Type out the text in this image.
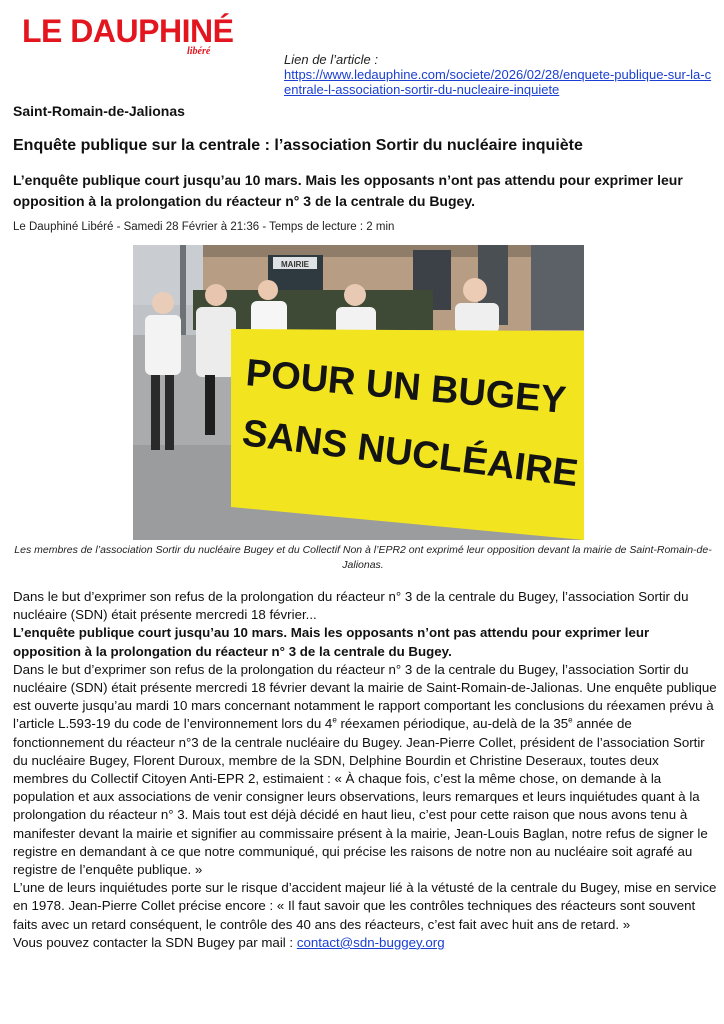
LE DAUPHINÉ
libéré
Lien de l’article :
https://www.ledauphine.com/societe/2026/02/28/enquete-publique-sur-la-centrale-l-association-sortir-du-nucleaire-inquiete
Saint-Romain-de-Jalionas
Enquête publique sur la centrale : l’association Sortir du nucléaire inquiète
L’enquête publique court jusqu’au 10 mars. Mais les opposants n’ont pas attendu pour exprimer leur opposition à la prolongation du réacteur n° 3 de la centrale du Bugey.
Le Dauphiné Libéré - Samedi 28 Février à 21:36 - Temps de lecture : 2 min
MAIRIE
POUR UN BUGEY
SANS NUCLÉAIRE
Les membres de l’association Sortir du nucléaire Bugey et du Collectif Non à l’EPR2 ont exprimé leur opposition devant la mairie de Saint-Romain-de-Jalionas.

Dans le but d’exprimer son refus de la prolongation du réacteur n° 3 de la centrale du Bugey, l’association Sortir du nucléaire (SDN) était présente mercredi 18 février...

L’enquête publique court jusqu’au 10 mars. Mais les opposants n’ont pas attendu pour exprimer leur opposition à la prolongation du réacteur n° 3 de la centrale du Bugey.

Dans le but d’exprimer son refus de la prolongation du réacteur n° 3 de la centrale du Bugey, l’association Sortir du nucléaire (SDN) était présente mercredi 18 février devant la mairie de Saint-Romain-de-Jalionas. Une enquête publique est ouverte jusqu’au mardi 10 mars concernant notamment le rapport comportant les conclusions du réexamen prévu à l’article L.593-19 du code de l’environnement lors du 4e réexamen périodique, au-delà de la 35e année de fonctionnement du réacteur n°3 de la centrale nucléaire du Bugey. Jean-Pierre Collet, président de l’association Sortir du nucléaire Bugey, Florent Duroux, membre de la SDN, Delphine Bourdin et Christine Deseraux, toutes deux membres du Collectif Citoyen Anti-EPR 2, estimaient : « À chaque fois, c’est la même chose, on demande à la population et aux associations de venir consigner leurs observations, leurs remarques et leurs inquiétudes quant à la prolongation du réacteur n° 3. Mais tout est déjà décidé en haut lieu, c’est pour cette raison que nous avons tenu à manifester devant la mairie et signifier au commissaire présent à la mairie, Jean-Louis Baglan, notre refus de signer le registre en demandant à ce que notre communiqué, qui précise les raisons de notre non au nucléaire soit agrafé au registre de l’enquête publique. »

L’une de leurs inquiétudes porte sur le risque d’accident majeur lié à la vétusté de la centrale du Bugey, mise en service en 1978. Jean-Pierre Collet précise encore : « Il faut savoir que les contrôles techniques des réacteurs sont souvent faits avec un retard conséquent, le contrôle des 40 ans des réacteurs, c’est fait avec huit ans de retard. »

Vous pouvez contacter la SDN Bugey par mail : contact@sdn-buggey.org
